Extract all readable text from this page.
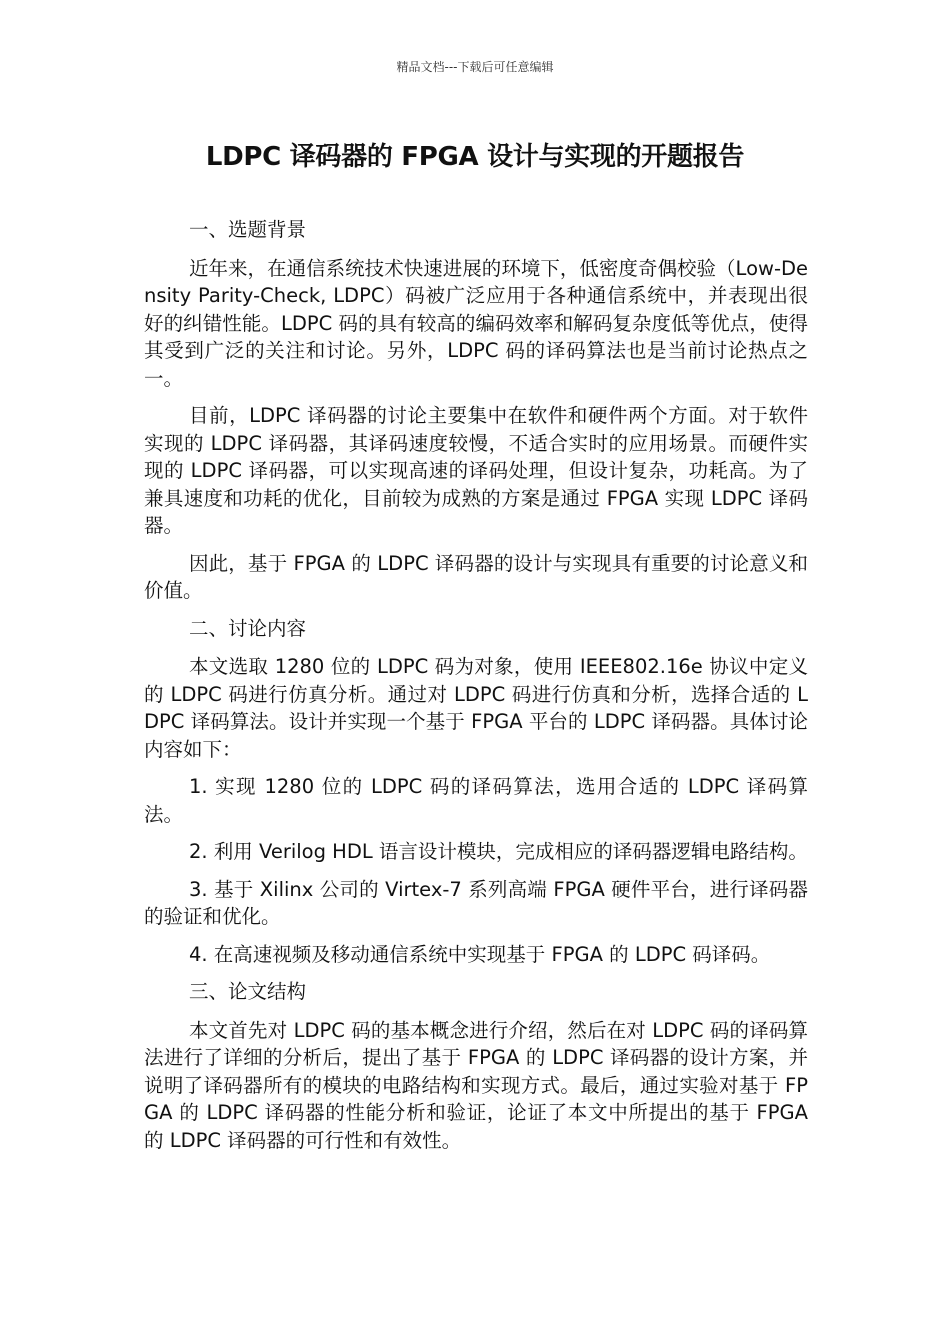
精品文档---下载后可任意编辑
LDPC 译码器的 FPGA 设计与实现的开题报告

一、选题背景

近年来，在通信系统技术快速进展的环境下，低密度奇偶校验（Low-Density Parity-Check, LDPC）码被广泛应用于各种通信系统中，并表现出很好的纠错性能。LDPC 码的具有较高的编码效率和解码复杂度低等优点，使得其受到广泛的关注和讨论。另外，LDPC 码的译码算法也是当前讨论热点之一。

目前，LDPC 译码器的讨论主要集中在软件和硬件两个方面。对于软件实现的 LDPC 译码器，其译码速度较慢，不适合实时的应用场景。而硬件实现的 LDPC 译码器，可以实现高速的译码处理，但设计复杂，功耗高。为了兼具速度和功耗的优化，目前较为成熟的方案是通过 FPGA 实现 LDPC 译码器。

因此，基于 FPGA 的 LDPC 译码器的设计与实现具有重要的讨论意义和价值。

二、讨论内容

本文选取 1280 位的 LDPC 码为对象，使用 IEEE802.16e 协议中定义的 LDPC 码进行仿真分析。通过对 LDPC 码进行仿真和分析，选择合适的 LDPC 译码算法。设计并实现一个基于 FPGA 平台的 LDPC 译码器。具体讨论内容如下：

1. 实现 1280 位的 LDPC 码的译码算法，选用合适的 LDPC 译码算法。

2. 利用 Verilog HDL 语言设计模块，完成相应的译码器逻辑电路结构。

3. 基于 Xilinx 公司的 Virtex-7 系列高端 FPGA 硬件平台，进行译码器的验证和优化。

4. 在高速视频及移动通信系统中实现基于 FPGA 的 LDPC 码译码。

三、论文结构

本文首先对 LDPC 码的基本概念进行介绍，然后在对 LDPC 码的译码算法进行了详细的分析后，提出了基于 FPGA 的 LDPC 译码器的设计方案，并说明了译码器所有的模块的电路结构和实现方式。最后，通过实验对基于 FPGA 的 LDPC 译码器的性能分析和验证，论证了本文中所提出的基于 FPGA 的 LDPC 译码器的可行性和有效性。
